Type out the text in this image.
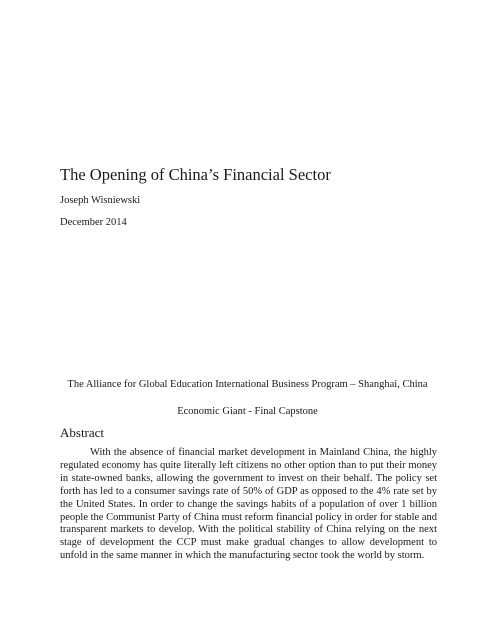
The Opening of China’s Financial Sector
Joseph Wisniewski
December 2014
The Alliance for Global Education International Business Program – Shanghai, China
Economic Giant - Final Capstone
Abstract

With the absence of financial market development in Mainland China, the highly regulated economy has quite literally left citizens no other option than to put their money in state-owned banks, allowing the government to invest on their behalf. The policy set forth has led to a consumer savings rate of 50% of GDP as opposed to the 4% rate set by the United States. In order to change the savings habits of a population of over 1 billion people the Communist Party of China must reform financial policy in order for stable and transparent markets to develop. With the political stability of China relying on the next stage of development the CCP must make gradual changes to allow development to unfold in the same manner in which the manufacturing sector took the world by storm.
